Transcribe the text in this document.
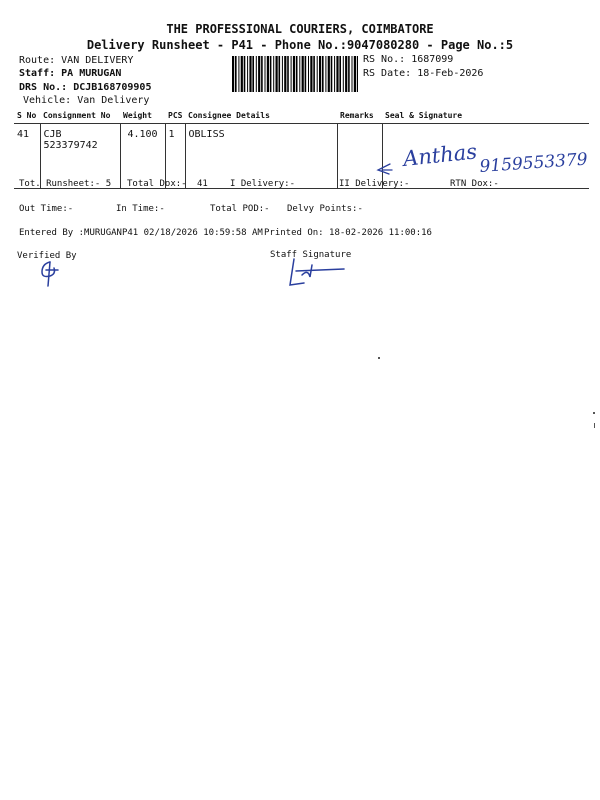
THE PROFESSIONAL COURIERS, COIMBATORE
Delivery Runsheet - P41 - Phone No.:9047080280 - Page No.:5
Route: VAN DELIVERY
Staff: PA MURUGAN
DRS No.: DCJB168709905
Vehicle: Van Delivery
RS No.: 1687099
RS Date: 18-Feb-2026
S No	Consignment No	Weight	PCS	Consignee Details	Remarks	Seal & Signature
41	CJB 523379742	4.100	1	OBLISS		
Anthas 9159553379
Tot. Runsheet:- 5 Total Dox:- 41 I Delivery:-	II Delivery:-	RTN Dox:-
Out Time:-	In Time:-	Total POD:- Delvy Points:-
Entered By :MURUGANP41 02/18/2026 10:59:58 AM Printed On: 18-02-2026 11:00:16
Verified By	Staff Signature
